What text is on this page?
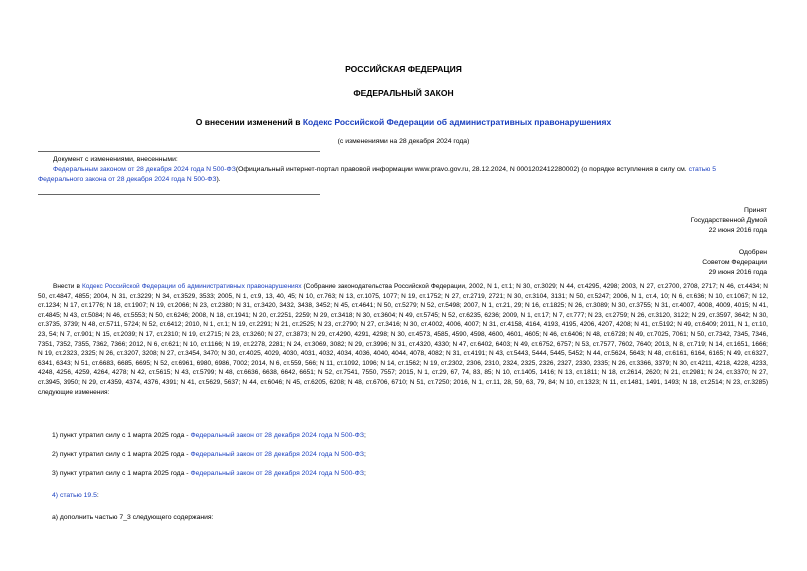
РОССИЙСКАЯ ФЕДЕРАЦИЯ
ФЕДЕРАЛЬНЫЙ ЗАКОН
О внесении изменений в Кодекс Российской Федерации об административных правонарушениях
(с изменениями на 28 декабря 2024 года)
Документ с изменениями, внесенными:
Федеральным законом от 28 декабря 2024 года N 500-ФЗ(Официальный интернет-портал правовой информации www.pravo.gov.ru, 28.12.2024, N 0001202412280002) (о порядке вступления в силу см. статью 5
Федерального закона от 28 декабря 2024 года N 500-ФЗ).
Принят
Государственной Думой
22 июня 2016 года
Одобрен
Советом Федерации
29 июня 2016 года
Внести в Кодекс Российской Федерации об административных правонарушениях (Собрание законодательства Российской Федерации, 2002, N 1, ст.1; N 30, ст.3029; N 44, ст.4295, 4298; 2003, N 27, ст.2700, 2708, 2717; N 46, ст.4434; N 50, ст.4847, 4855; 2004, N 31, ст.3229; N 34, ст.3529, 3533; 2005, N 1, ст.9, 13, 40, 45; N 10, ст.763; N 13, ст.1075, 1077; N 19, ст.1752; N 27, ст.2719, 2721; N 30, ст.3104, 3131; N 50, ст.5247; 2006, N 1, ст.4, 10; N 6, ст.636; N 10, ст.1067; N 12, ст.1234; N 17, ст.1776; N 18, ст.1907; N 19, ст.2066; N 23, ст.2380; N 31, ст.3420, 3432, 3438, 3452; N 45, ст.4641; N 50, ст.5279; N 52, ст.5498; 2007, N 1, ст.21, 29; N 16, ст.1825; N 26, ст.3089; N 30, ст.3755; N 31, ст.4007, 4008, 4009, 4015; N 41, ст.4845; N 43, ст.5084; N 46, ст.5553; N 50, ст.6246; 2008, N 18, ст.1941; N 20, ст.2251, 2259; N 29, ст.3418; N 30, ст.3604; N 49, ст.5745; N 52, ст.6235, 6236; 2009, N 1, ст.17; N 7, ст.777; N 23, ст.2759; N 26, ст.3120, 3122; N 29, ст.3597, 3642; N 30, ст.3735, 3739; N 48, ст.5711, 5724; N 52, ст.6412; 2010, N 1, ст.1; N 19, ст.2291; N 21, ст.2525; N 23, ст.2790; N 27, ст.3416; N 30, ст.4002, 4006, 4007; N 31, ст.4158, 4164, 4193, 4195, 4206, 4207, 4208; N 41, ст.5192; N 49, ст.6409; 2011, N 1, ст.10, 23, 54; N 7, ст.901; N 15, ст.2039; N 17, ст.2310; N 19, ст.2715; N 23, ст.3260; N 27, ст.3873; N 29, ст.4290, 4291, 4298; N 30, ст.4573, 4585, 4590, 4598, 4600, 4601, 4605; N 46, ст.6406; N 48, ст.6728; N 49, ст.7025, 7061; N 50, ст.7342, 7345, 7346, 7351, 7352, 7355, 7362, 7366; 2012, N 6, ст.621; N 10, ст.1166; N 19, ст.2278, 2281; N 24, ст.3069, 3082; N 29, ст.3996; N 31, ст.4320, 4330; N 47, ст.6402, 6403; N 49, ст.6752, 6757; N 53, ст.7577, 7602, 7640; 2013, N 8, ст.719; N 14, ст.1651, 1666; N 19, ст.2323, 2325; N 26, ст.3207, 3208; N 27, ст.3454, 3470; N 30, ст.4025, 4029, 4030, 4031, 4032, 4034, 4036, 4040, 4044, 4078, 4082; N 31, ст.4191; N 43, ст.5443, 5444, 5445, 5452; N 44, ст.5624, 5643; N 48, ст.6161, 6164, 6165; N 49, ст.6327, 6341, 6343; N 51, ст.6683, 6685, 6695; N 52, ст.6961, 6980, 6986, 7002; 2014, N 6, ст.559, 566; N 11, ст.1092, 1096; N 14, ст.1562; N 19, ст.2302, 2306, 2310, 2324, 2325, 2326, 2327, 2330, 2335; N 26, ст.3366, 3379; N 30, ст.4211, 4218, 4228, 4233, 4248, 4256, 4259, 4264, 4278; N 42, ст.5615; N 43, ст.5799; N 48, ст.6636, 6638, 6642, 6651; N 52, ст.7541, 7550, 7557; 2015, N 1, ст.29, 67, 74, 83, 85; N 10, ст.1405, 1416; N 13, ст.1811; N 18, ст.2614, 2620; N 21, ст.2981; N 24, ст.3370; N 27, ст.3945, 3950; N 29, ст.4359, 4374, 4376, 4391; N 41, ст.5629, 5637; N 44, ст.6046; N 45, ст.6205, 6208; N 48, ст.6706, 6710; N 51, ст.7250; 2016, N 1, ст.11, 28, 59, 63, 79, 84; N 10, ст.1323; N 11, ст.1481, 1491, 1493; N 18, ст.2514; N 23, ст.3285) следующие изменения:
1) пункт утратил силу с 1 марта 2025 года - Федеральный закон от 28 декабря 2024 года N 500-ФЗ;
2) пункт утратил силу с 1 марта 2025 года - Федеральный закон от 28 декабря 2024 года N 500-ФЗ;
3) пункт утратил силу с 1 марта 2025 года - Федеральный закон от 28 декабря 2024 года N 500-ФЗ;
4) статью 19.5:
а) дополнить частью 7_3 следующего содержания:
